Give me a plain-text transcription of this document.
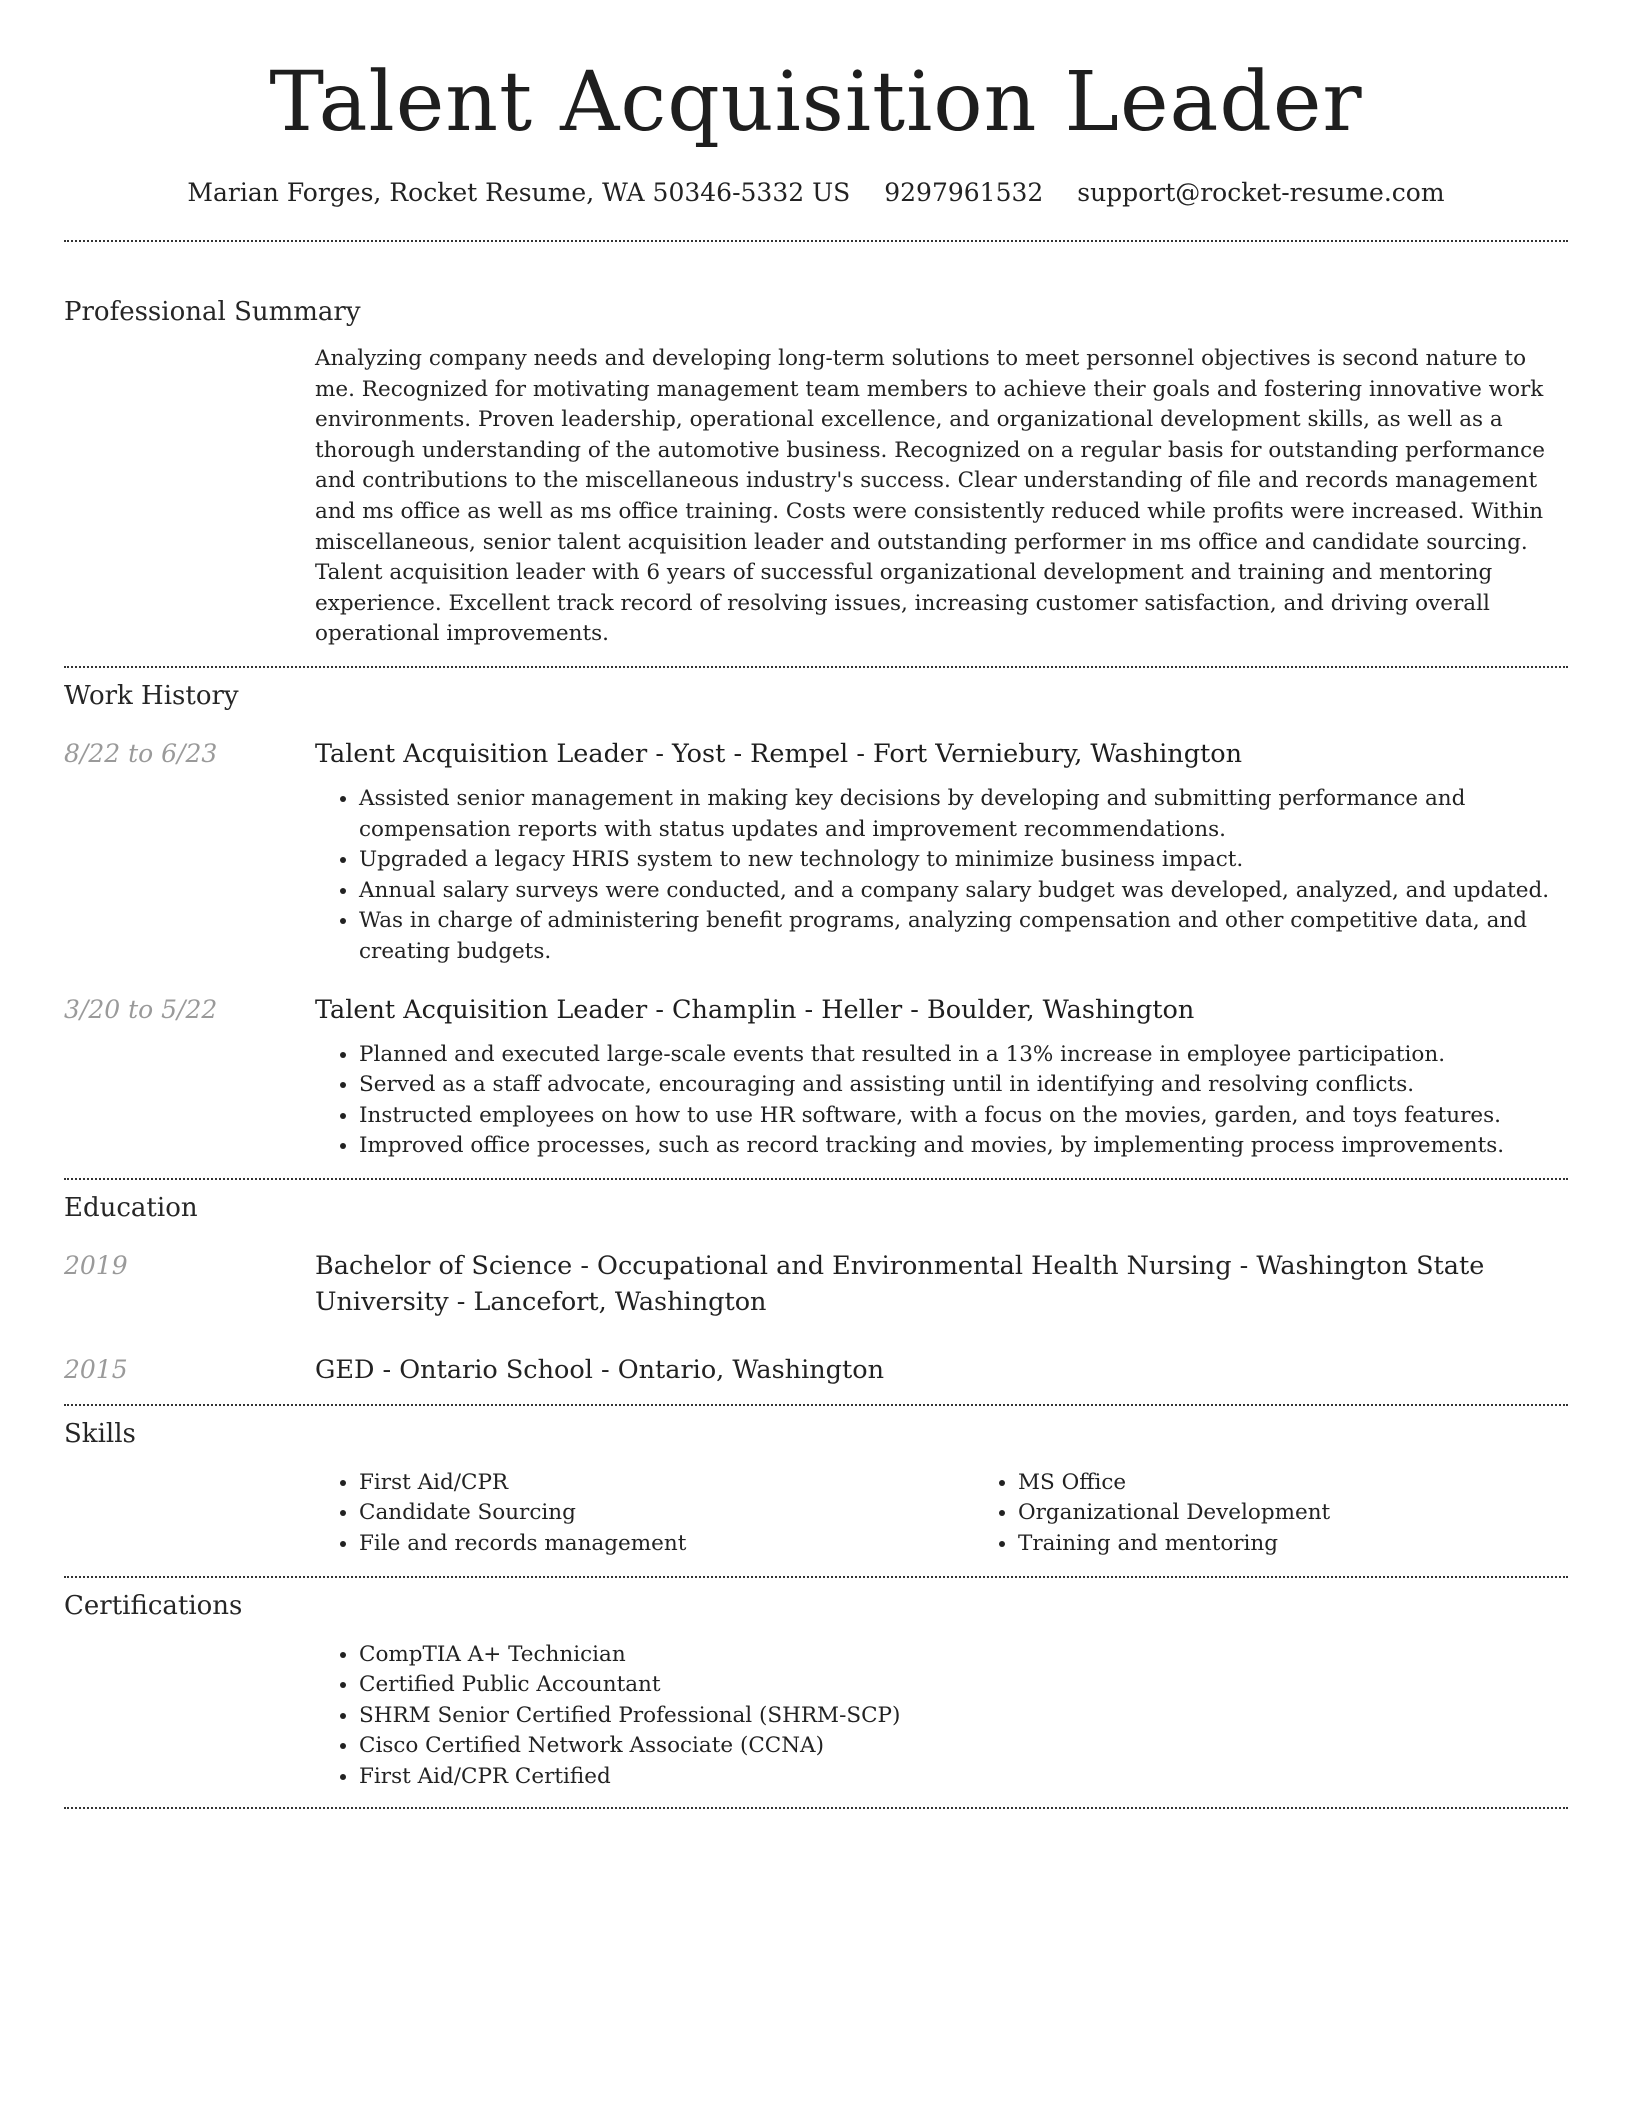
Talent Acquisition Leader
Marian Forges, Rocket Resume, WA 50346-5332 US 9297961532 support@rocket-resume.com
Professional Summary

Analyzing company needs and developing long-term solutions to meet personnel objectives is second nature to me. Recognized for motivating management team members to achieve their goals and fostering innovative work environments. Proven leadership, operational excellence, and organizational development skills, as well as a thorough understanding of the automotive business. Recognized on a regular basis for outstanding performance and contributions to the miscellaneous industry's success. Clear understanding of file and records management and ms office as well as ms office training. Costs were consistently reduced while profits were increased. Within miscellaneous, senior talent acquisition leader and outstanding performer in ms office and candidate sourcing. Talent acquisition leader with 6 years of successful organizational development and training and mentoring experience. Excellent track record of resolving issues, increasing customer satisfaction, and driving overall operational improvements.

Work History
8/22 to 6/23	Talent Acquisition Leader - Yost - Rempel - Fort Verniebury, Washington
• Assisted senior management in making key decisions by developing and submitting performance and compensation reports with status updates and improvement recommendations.
• Upgraded a legacy HRIS system to new technology to minimize business impact.
• Annual salary surveys were conducted, and a company salary budget was developed, analyzed, and updated.
• Was in charge of administering benefit programs, analyzing compensation and other competitive data, and creating budgets.
3/20 to 5/22	Talent Acquisition Leader - Champlin - Heller - Boulder, Washington
• Planned and executed large-scale events that resulted in a 13% increase in employee participation.
• Served as a staff advocate, encouraging and assisting until in identifying and resolving conflicts.
• Instructed employees on how to use HR software, with a focus on the movies, garden, and toys features.
• Improved office processes, such as record tracking and movies, by implementing process improvements.
Education
2019	Bachelor of Science - Occupational and Environmental Health Nursing - Washington State University - Lancefort, Washington
2015	GED - Ontario School - Ontario, Washington
Skills
• First Aid/CPR
• Candidate Sourcing
• File and records management
• MS Office
• Organizational Development
• Training and mentoring
Certifications
• CompTIA A+ Technician
• Certified Public Accountant
• SHRM Senior Certified Professional (SHRM-SCP)
• Cisco Certified Network Associate (CCNA)
• First Aid/CPR Certified
